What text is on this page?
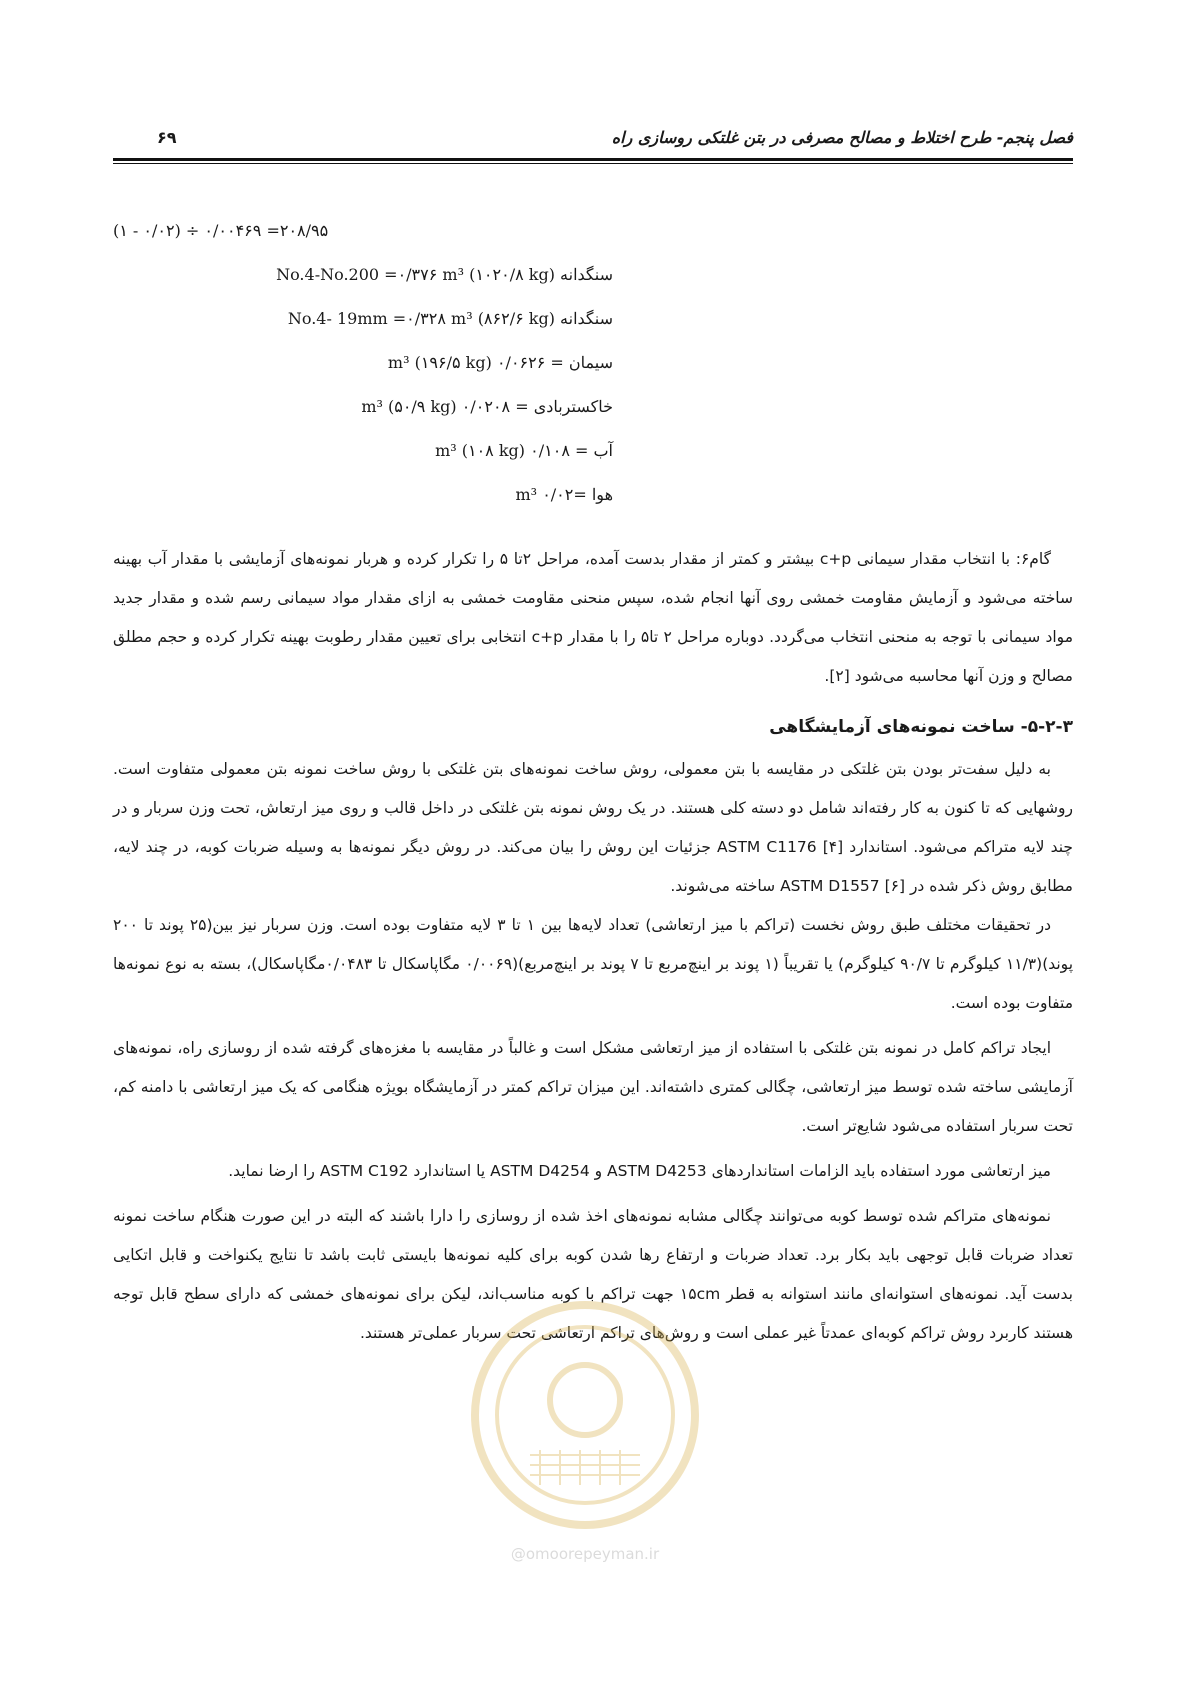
۶۹	فصل پنجم- طرح اختلاط و مصالح مصرفی در بتن غلتکی روسازی راه
(۱ - ۰/۰۲) ÷ ۰/۰۰۴۶۹ =۲۰۸/۹۵
سنگدانه No.4-No.200 =۰/۳۷۶ m³ (۱۰۲۰/۸ kg)
سنگدانه No.4- 19mm =۰/۳۲۸ m³ (۸۶۲/۶ kg)
سیمان = ۰/۰۶۲۶ m³ (۱۹۶/۵ kg)
خاکستربادی = ۰/۰۲۰۸ m³ (۵۰/۹ kg)
آب = ۰/۱۰۸ m³ (۱۰۸ kg)
هوا =۰/۰۲ m³

گام۶: با انتخاب مقدار سیمانی c+p بیشتر و کمتر از مقدار بدست آمده، مراحل ۲تا ۵ را تکرار کرده و هربار نمونه‌های آزمایشی با مقدار آب بهینه ساخته می‌شود و آزمایش مقاومت خمشی روی آنها انجام شده، سپس منحنی مقاومت خمشی به ازای مقدار مواد سیمانی رسم شده و مقدار جدید مواد سیمانی با توجه به منحنی انتخاب می‌گردد. دوباره مراحل ۲ تا۵ را با مقدار c+p انتخابی برای تعیین مقدار رطوبت بهینه تکرار کرده و حجم مطلق مصالح و وزن آنها محاسبه می‌شود [۲].

۵-۲-۳- ساخت نمونه‌های آزمایشگاهی

به دلیل سفت‌تر بودن بتن غلتکی در مقایسه با بتن معمولی، روش ساخت نمونه‌های بتن غلتکی با روش ساخت نمونه بتن معمولی متفاوت است. روشهایی که تا کنون به کار رفته‌اند شامل دو دسته کلی هستند. در یک روش نمونه بتن غلتکی در داخل قالب و روی میز ارتعاش، تحت وزن سربار و در چند لایه متراکم می‌شود. استاندارد ASTM C1176 [۴] جزئیات این روش را بیان می‌کند. در روش دیگر نمونه‌ها به وسیله ضربات کوبه، در چند لایه، مطابق روش ذکر شده در ASTM D1557 [۶] ساخته می‌شوند.

در تحقیقات مختلف طبق روش نخست (تراکم با میز ارتعاشی) تعداد لایه‌ها بین ۱ تا ۳ لایه متفاوت بوده است. وزن سربار نیز بین(۲۵ پوند تا ۲۰۰ پوند)(۱۱/۳ کیلوگرم تا ۹۰/۷ کیلوگرم) یا تقریباً (۱ پوند بر اینچ‌مربع تا ۷ پوند بر اینچ‌مربع)(۰/۰۰۶۹ مگاپاسکال تا ۰/۰۴۸۳مگاپاسکال)، بسته به نوع نمونه‌ها متفاوت بوده است.

ایجاد تراکم کامل در نمونه بتن غلتکی با استفاده از میز ارتعاشی مشکل است و غالباً در مقایسه با مغزه‌های گرفته شده از روسازی راه، نمونه‌های آزمایشی ساخته شده توسط میز ارتعاشی، چگالی کمتری داشته‌اند. این میزان تراکم کمتر در آزمایشگاه بویژه هنگامی که یک میز ارتعاشی با دامنه کم، تحت سربار استفاده می‌شود شایع‌تر است.

میز ارتعاشی مورد استفاده باید الزامات استانداردهای ASTM D4253 و ASTM D4254 یا استاندارد ASTM C192 را ارضا نماید.

نمونه‌های متراکم شده توسط کوبه می‌توانند چگالی مشابه نمونه‌های اخذ شده از روسازی را دارا باشند که البته در این صورت هنگام ساخت نمونه تعداد ضربات قابل توجهی باید بکار برد. تعداد ضربات و ارتفاع رها شدن کوبه برای کلیه نمونه‌ها بایستی ثابت باشد تا نتایج یکنواخت و قابل اتکایی بدست آید. نمونه‌های استوانه‌ای مانند استوانه به قطر ۱۵cm جهت تراکم با کوبه مناسب‌اند، لیکن برای نمونه‌های خمشی که دارای سطح قابل توجه هستند کاربرد روش تراکم کوبه‌ای عمدتاً غیر عملی است و روش‌های تراکم ارتعاشی تحت سربار عملی‌تر هستند.

@omoorepeyman.ir
